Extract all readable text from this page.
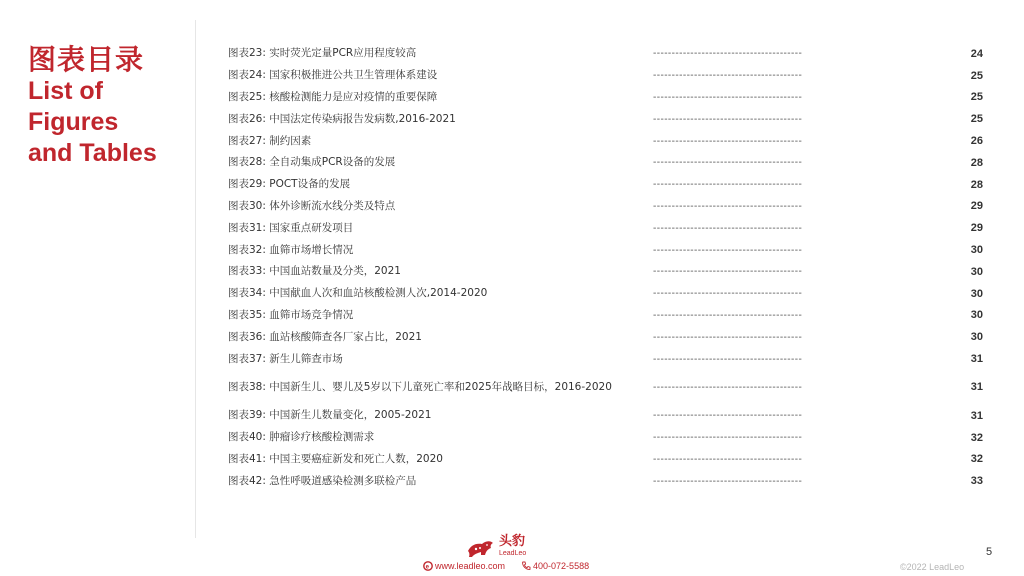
图表目录
List of
Figures
and Tables
图表23: 实时荧光定量PCR应用程度较高	----------------------------------------	24
图表24: 国家积极推进公共卫生管理体系建设	----------------------------------------	25
图表25: 核酸检测能力是应对疫情的重要保障	----------------------------------------	25
图表26: 中国法定传染病报告发病数,2016-2021	----------------------------------------	25
图表27: 制约因素	----------------------------------------	26
图表28: 全自动集成PCR设备的发展	----------------------------------------	28
图表29: POCT设备的发展	----------------------------------------	28
图表30: 体外诊断流水线分类及特点	----------------------------------------	29
图表31: 国家重点研发项目	----------------------------------------	29
图表32: 血筛市场增长情况	----------------------------------------	30
图表33: 中国血站数量及分类，2021	----------------------------------------	30
图表34: 中国献血人次和血站核酸检测人次,2014-2020	----------------------------------------	30
图表35: 血筛市场竞争情况	----------------------------------------	30
图表36: 血站核酸筛查各厂家占比，2021	----------------------------------------	30
图表37: 新生儿筛查市场	----------------------------------------	31
图表38: 中国新生儿、婴儿及5岁以下儿童死亡率和2025年战略目标，2016-2020	----------------------------------------	31
图表39: 中国新生儿数量变化，2005-2021	----------------------------------------	31
图表40: 肿瘤诊疗核酸检测需求	----------------------------------------	32
图表41: 中国主要癌症新发和死亡人数，2020	----------------------------------------	32
图表42: 急性呼吸道感染检测多联检产品	----------------------------------------	33
头豹
LeadLeo
e www.leadleo.com	400-072-5588	©2022 LeadLeo
5
